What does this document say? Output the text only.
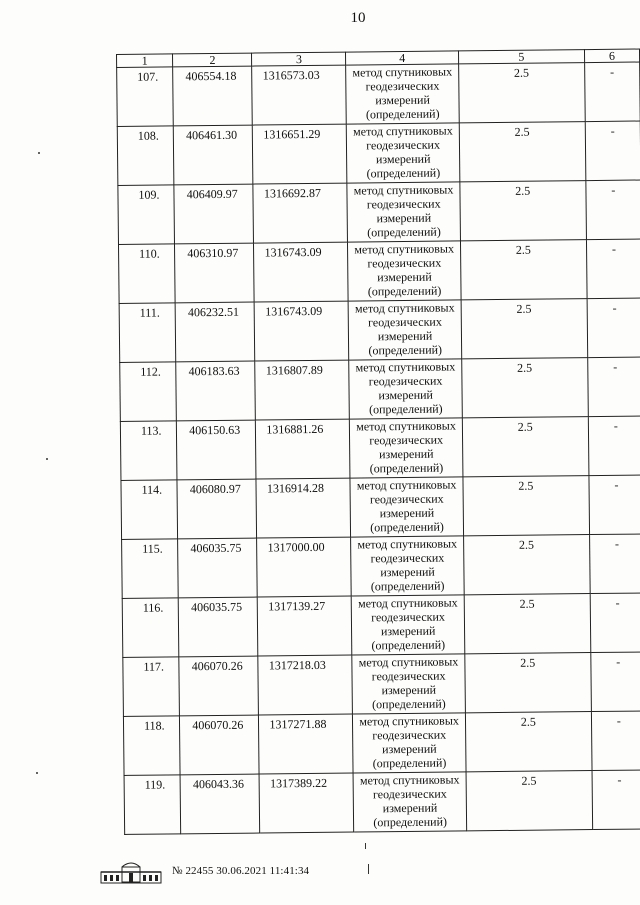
10
1	2	3	4	5	6
107.	406554.18	1316573.03	метод спутниковых геодезических измерений (определений)	2.5	-
108.	406461.30	1316651.29	метод спутниковых геодезических измерений (определений)	2.5	-
109.	406409.97	1316692.87	метод спутниковых геодезических измерений (определений)	2.5	-
110.	406310.97	1316743.09	метод спутниковых геодезических измерений (определений)	2.5	-
111.	406232.51	1316743.09	метод спутниковых геодезических измерений (определений)	2.5	-
112.	406183.63	1316807.89	метод спутниковых геодезических измерений (определений)	2.5	-
113.	406150.63	1316881.26	метод спутниковых геодезических измерений (определений)	2.5	-
114.	406080.97	1316914.28	метод спутниковых геодезических измерений (определений)	2.5	-
115.	406035.75	1317000.00	метод спутниковых геодезических измерений (определений)	2.5	-
116.	406035.75	1317139.27	метод спутниковых геодезических измерений (определений)	2.5	-
117.	406070.26	1317218.03	метод спутниковых геодезических измерений (определений)	2.5	-
118.	406070.26	1317271.88	метод спутниковых геодезических измерений (определений)	2.5	-
119.	406043.36	1317389.22	метод спутниковых геодезических измерений (определений)	2.5	-
№ 22455 30.06.2021 11:41:34
